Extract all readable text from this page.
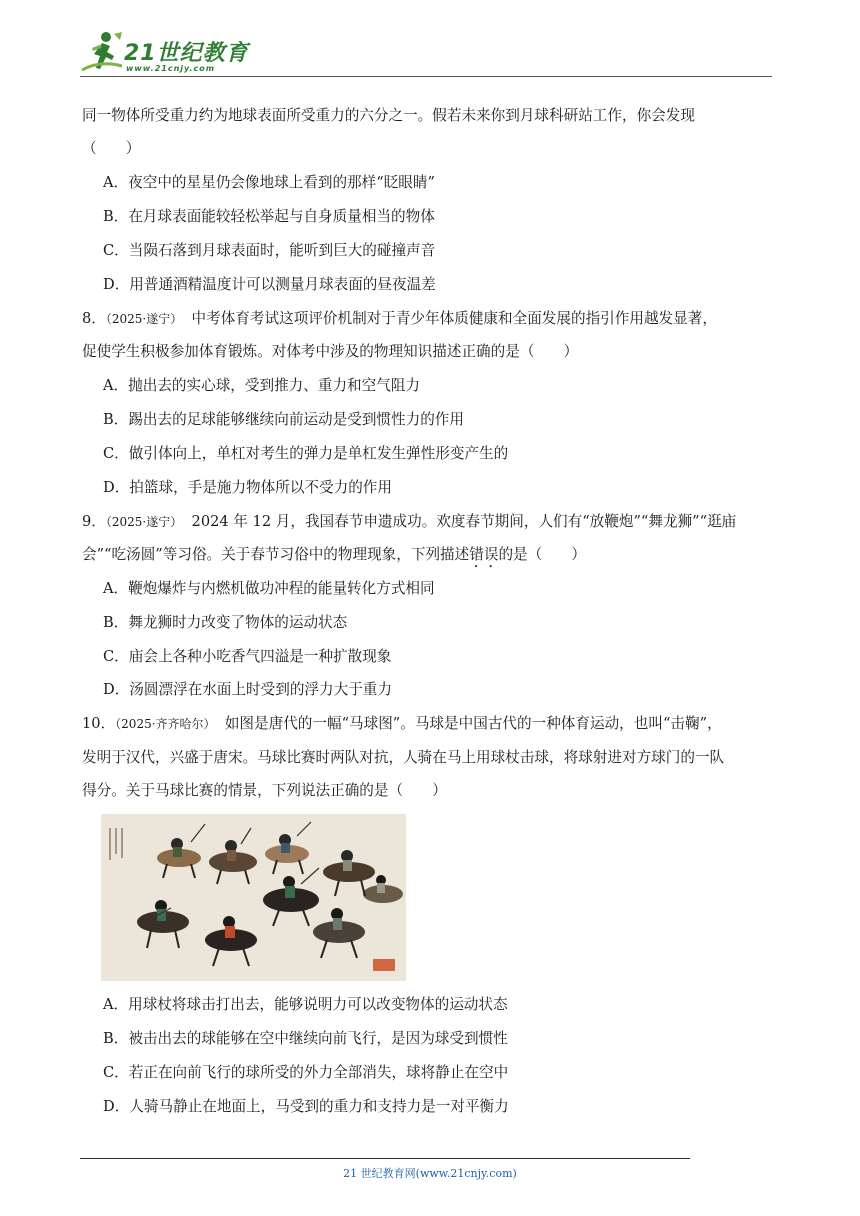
21世纪教育
www.21cnjy.com
同一物体所受重力约为地球表面所受重力的六分之一。假若未来你到月球科研站工作，你会发现
（　　）
A．夜空中的星星仍会像地球上看到的那样“眨眼睛”
B．在月球表面能较轻松举起与自身质量相当的物体
C．当陨石落到月球表面时，能听到巨大的碰撞声音
D．用普通酒精温度计可以测量月球表面的昼夜温差
8．（2025·遂宁） 中考体育考试这项评价机制对于青少年体质健康和全面发展的指引作用越发显著，
促使学生积极参加体育锻炼。对体考中涉及的物理知识描述正确的是（　　）
A．抛出去的实心球，受到推力、重力和空气阻力
B．踢出去的足球能够继续向前运动是受到惯性力的作用
C．做引体向上，单杠对考生的弹力是单杠发生弹性形变产生的
D．拍篮球，手是施力物体所以不受力的作用
9．（2025·遂宁） 2024 年 12 月，我国春节申遗成功。欢度春节期间，人们有“放鞭炮”“舞龙狮”“逛庙
会”“吃汤圆”等习俗。关于春节习俗中的物理现象，下列描述错误的是（　　）
A．鞭炮爆炸与内燃机做功冲程的能量转化方式相同
B．舞龙狮时力改变了物体的运动状态
C．庙会上各种小吃香气四溢是一种扩散现象
D．汤圆漂浮在水面上时受到的浮力大于重力
10．（2025·齐齐哈尔） 如图是唐代的一幅“马球图”。马球是中国古代的一种体育运动，也叫“击鞠”，
发明于汉代，兴盛于唐宋。马球比赛时两队对抗，人骑在马上用球杖击球，将球射进对方球门的一队
得分。关于马球比赛的情景，下列说法正确的是（　　）
A．用球杖将球击打出去，能够说明力可以改变物体的运动状态
B．被击出去的球能够在空中继续向前飞行，是因为球受到惯性
C．若正在向前飞行的球所受的外力全部消失，球将静止在空中
D．人骑马静止在地面上，马受到的重力和支持力是一对平衡力
21 世纪教育网(www.21cnjy.com)
